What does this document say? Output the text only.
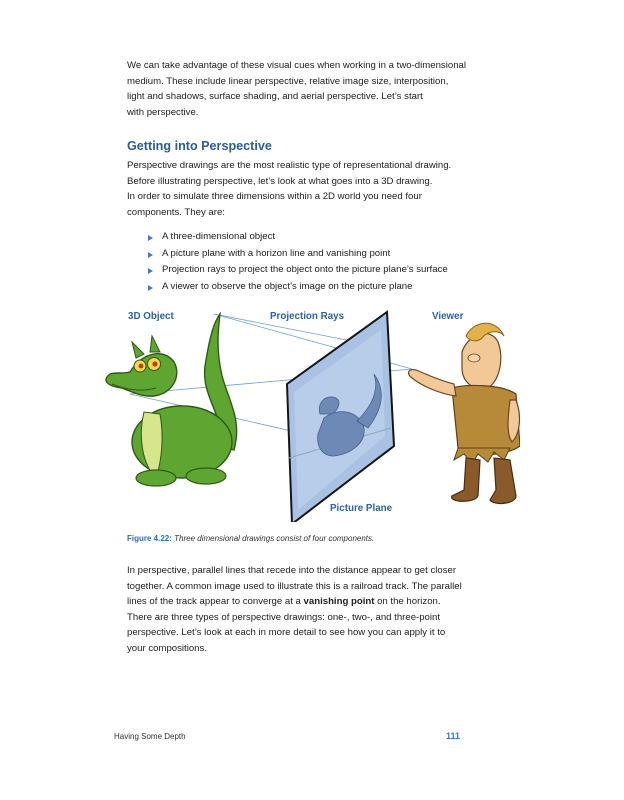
We can take advantage of these visual cues when working in a two-dimensional
medium. These include linear perspective, relative image size, interposition,
light and shadows, surface shading, and aerial perspective. Let’s start
with perspective.
Getting into Perspective
Perspective drawings are the most realistic type of representational drawing.
Before illustrating perspective, let’s look at what goes into a 3D drawing.
In order to simulate three dimensions within a 2D world you need four
components. They are:
A three-dimensional object
A picture plane with a horizon line and vanishing point
Projection rays to project the object onto the picture plane’s surface
A viewer to observe the object’s image on the picture plane
3D Object	Projection Rays	Viewer
Picture Plane
Figure 4.22: Three dimensional drawings consist of four components.
In perspective, parallel lines that recede into the distance appear to get closer
together. A common image used to illustrate this is a railroad track. The parallel
lines of the track appear to converge at a vanishing point on the horizon.
There are three types of perspective drawings: one-, two-, and three-point
perspective. Let’s look at each in more detail to see how you can apply it to
your compositions.
Having Some Depth	111
